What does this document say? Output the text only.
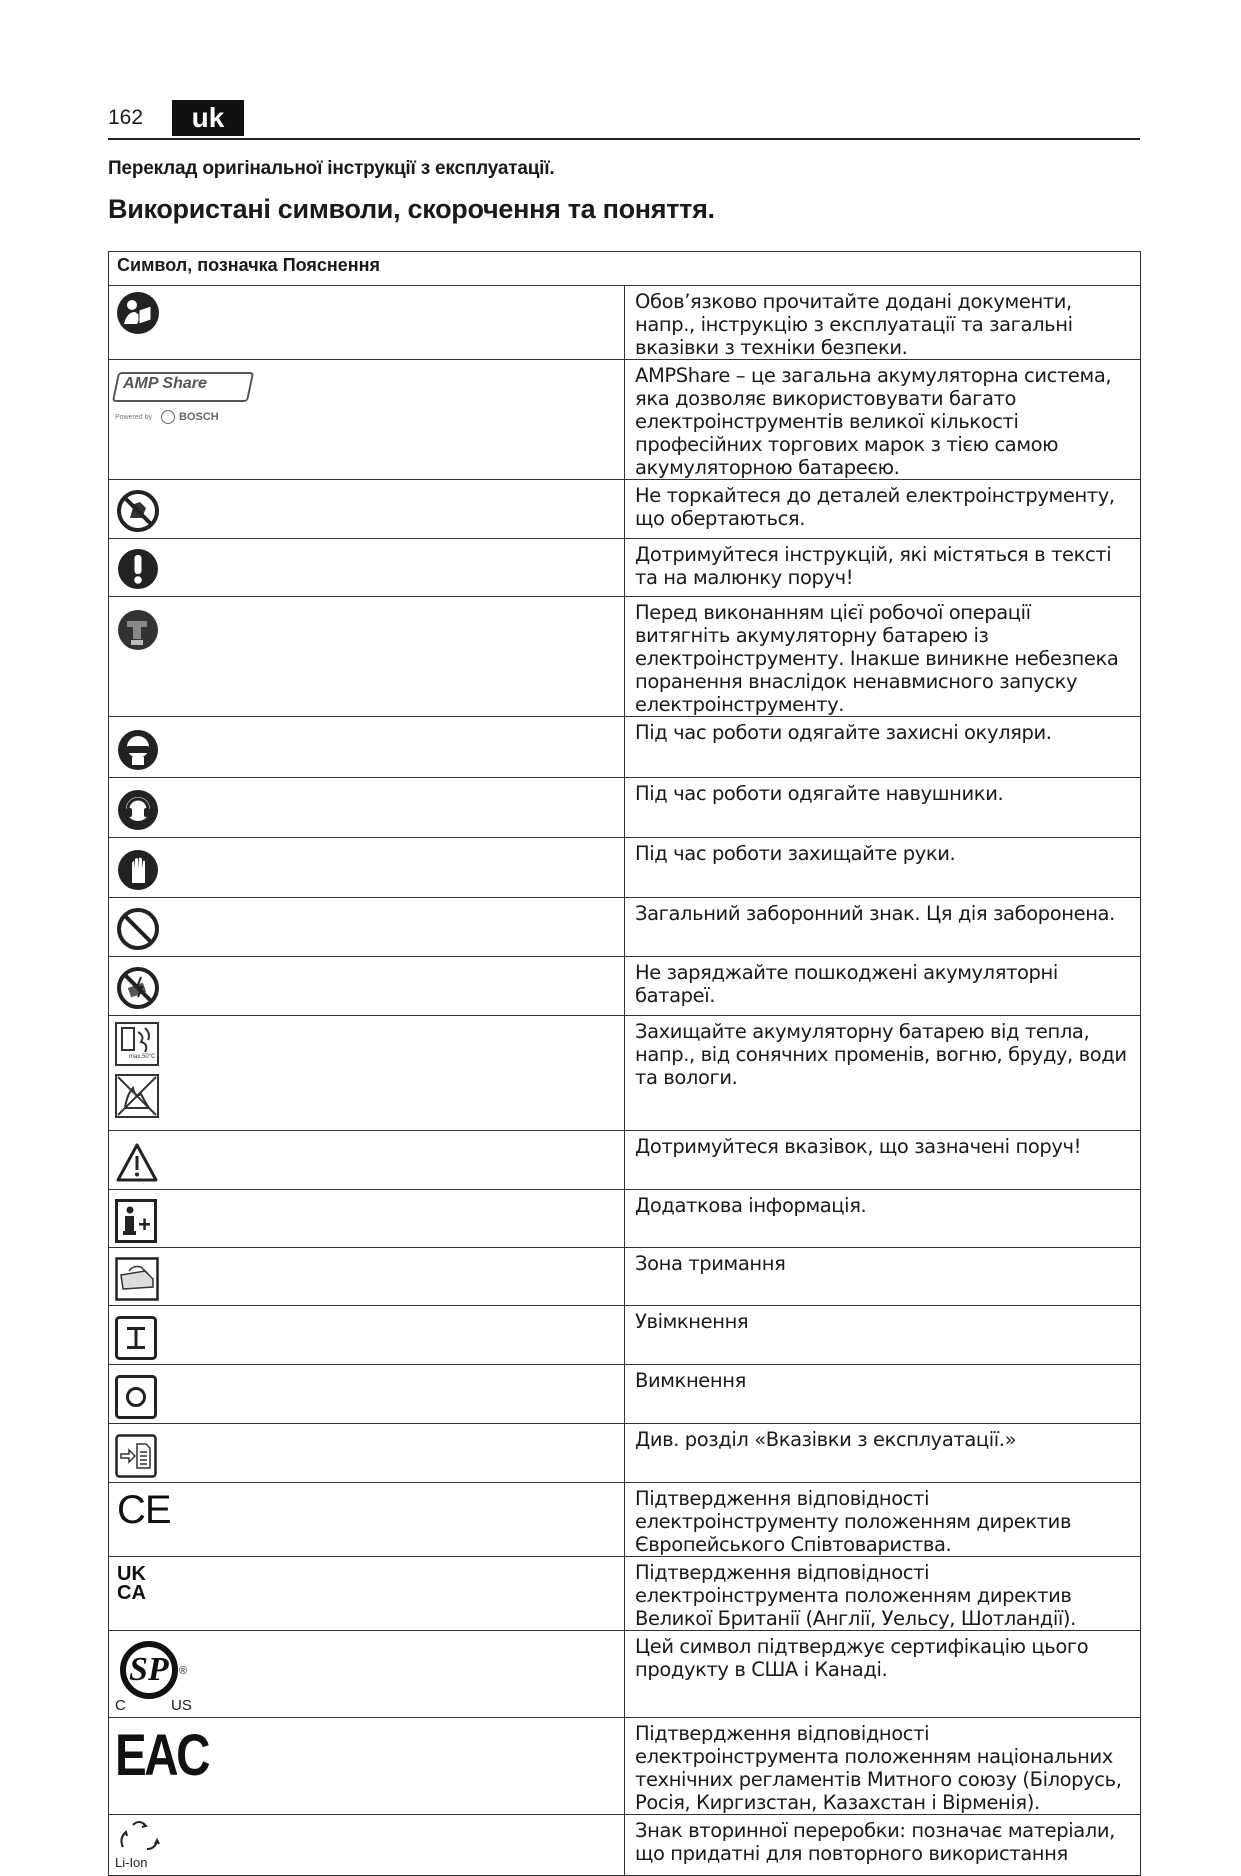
162	uk
Переклад оригінальної інструкції з експлуатації.
Використані символи, скорочення та поняття.
Символ, позначка Пояснення	

	Обов’язково прочитайте додані документи, напр., інструкцію з експлуатації та загальні вказівки з техніки безпеки.

AMP Share
Powered by BOSCH	AMPShare – це загальна акумуляторна система, яка дозволяє використовувати багато електроінструментів великої кількості професійних торгових марок з тією самою акумуляторною батареєю.

	Не торкайтеся до деталей електроінструменту, що обертаються.

	Дотримуйтеся інструкцій, які містяться в тексті та на малюнку поруч!

	Перед виконанням цієї робочої операції витягніть акумуляторну батарею із електроінструменту. Інакше виникне небезпека поранення внаслідок ненавмисного запуску електроінструменту.

	Під час роботи одягайте захисні окуляри.

	Під час роботи одягайте навушники.

	Під час роботи захищайте руки.

	Загальний заборонний знак. Ця дія заборонена.

	Не заряджайте пошкоджені акумуляторні батареї.

max.50°C	Захищайте акумуляторну батарею від тепла, напр., від сонячних променів, вогню, бруду, води та вологи.

	Дотримуйтеся вказівок, що зазначені поруч!

	Додаткова інформація.

	Зона тримання

	Увімкнення

	Вимкнення

	Див. розділ «Вказівки з експлуатації.»

CE	Підтвердження відповідності електроінструменту положенням директив Європейського Співтовариства.

UK
CA	Підтвердження відповідності електроінструмента положенням директив Великої Британії (Англії, Уельсу, Шотландії).

SP ®
C US	Цей символ підтверджує сертифікацію цього продукту в США і Канаді.

EAC	Підтвердження відповідності електроінструмента положенням національних технічних регламентів Митного союзу (Білорусь, Росія, Киргизстан, Казахстан і Вірменія).

Li-Ion	Знак вторинної переробки: позначає матеріали, що придатні для повторного використання
